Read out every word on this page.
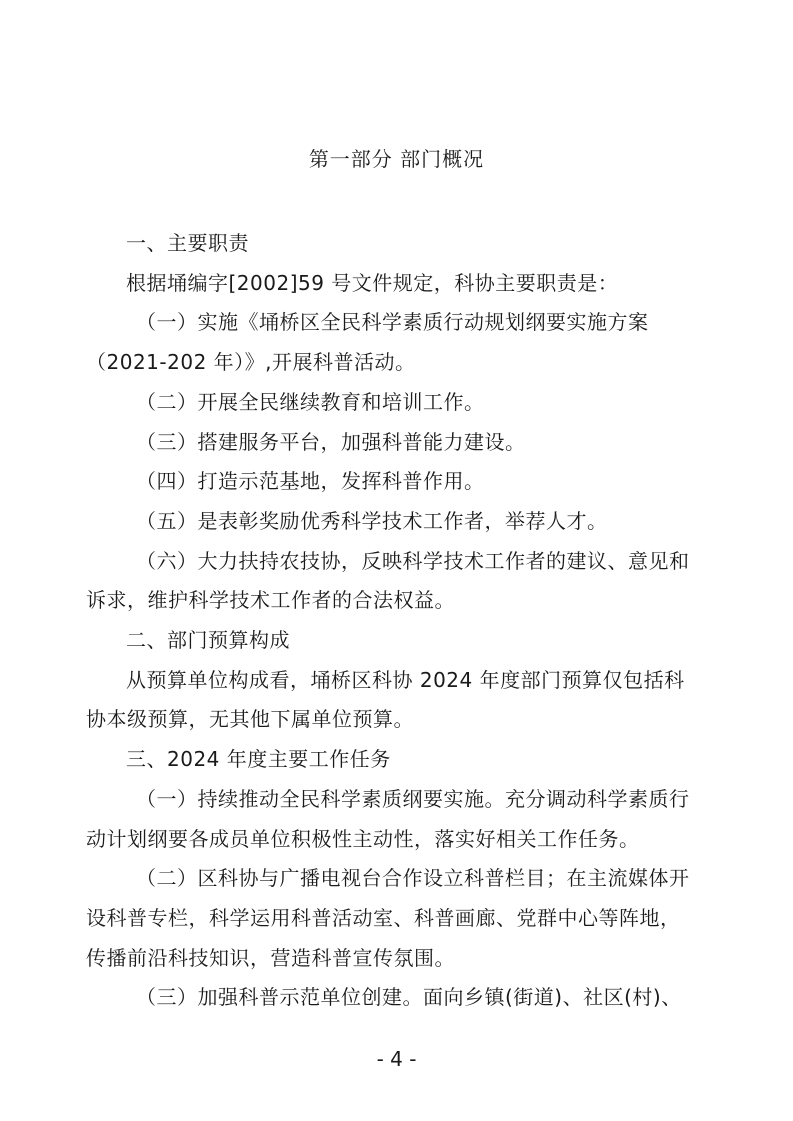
第一部分 部门概况

一、主要职责

根据埇编字[2002]59 号文件规定，科协主要职责是：

（一）实施《埇桥区全民科学素质行动规划纲要实施方案

（2021-202 年）》,开展科普活动。

（二）开展全民继续教育和培训工作。

（三）搭建服务平台，加强科普能力建设。

（四）打造示范基地，发挥科普作用。

（五）是表彰奖励优秀科学技术工作者，举荐人才。

（六）大力扶持农技协，反映科学技术工作者的建议、意见和

诉求，维护科学技术工作者的合法权益。

二、部门预算构成

从预算单位构成看，埇桥区科协 2024 年度部门预算仅包括科

协本级预算，无其他下属单位预算。

三、2024 年度主要工作任务

（一）持续推动全民科学素质纲要实施。充分调动科学素质行

动计划纲要各成员单位积极性主动性，落实好相关工作任务。

（二）区科协与广播电视台合作设立科普栏目；在主流媒体开

设科普专栏，科学运用科普活动室、科普画廊、党群中心等阵地，

传播前沿科技知识，营造科普宣传氛围。

（三）加强科普示范单位创建。面向乡镇(街道)、社区(村)、

- 4 -
